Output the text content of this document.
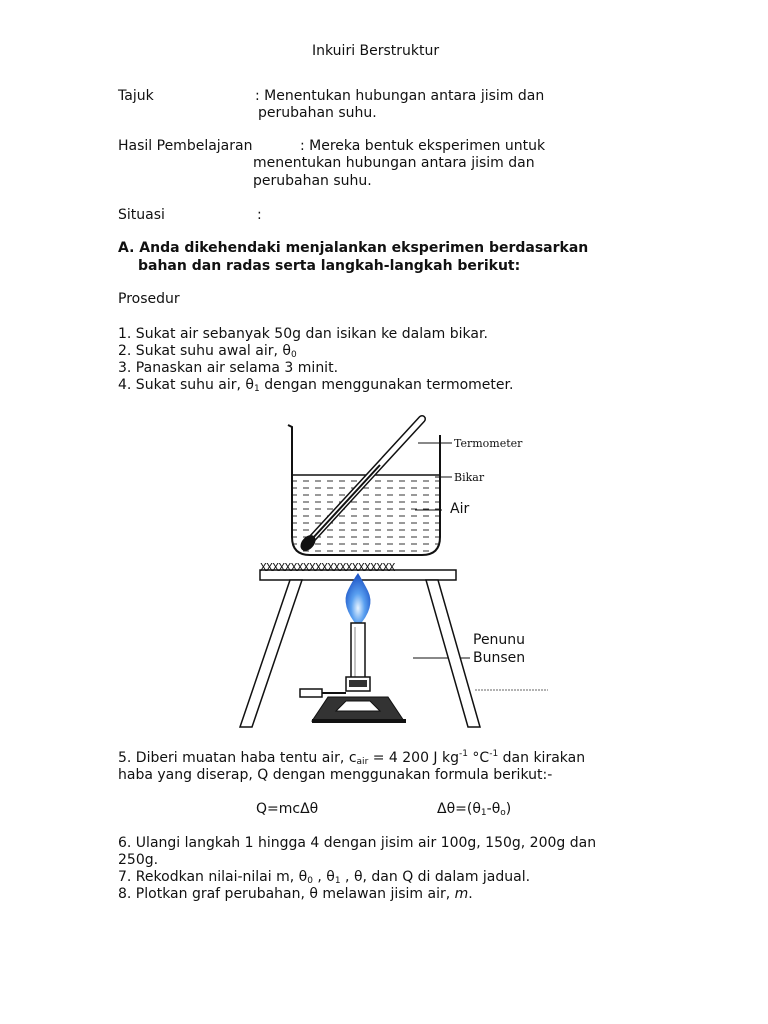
Inkuiri Berstruktur
Tajuk	: Menentukan hubungan antara jisim dan
perubahan suhu.
Hasil Pembelajaran	: Mereka bentuk eksperimen untuk
menentukan hubungan antara jisim dan
perubahan suhu.
Situasi	:
A. Anda dikehendaki menjalankan eksperimen berdasarkan
bahan dan radas serta langkah-langkah berikut:
Prosedur
1. Sukat air sebanyak 50g dan isikan ke dalam bikar.
2. Sukat suhu awal air, $\theta_0$
3. Panaskan air selama 3 minit.
4. Sukat suhu air, $\theta_1$ dengan menggunakan termometer.
XXXXXXXXXXXXXXXXXXXXXX
Termometer
Bikar
Air
Penunu
Bunsen
5. Diberi muatan haba tentu air, $c_{air} = 4$ 200 J $kg^{-1}$ $^\circ C^{-1}$ dan kirakan
haba yang diserap, Q dengan menggunakan formula berikut:-
Q=mcΔθ	$\Delta\theta=(\theta_1-\theta_o)$
6. Ulangi langkah 1 hingga 4 dengan jisim air 100g, 150g, 200g dan
250g.
7. Rekodkan nilai-nilai m, $\theta_0$ , $\theta_1$ , θ, dan Q di dalam jadual.
8. Plotkan graf perubahan, θ melawan jisim air, m.
